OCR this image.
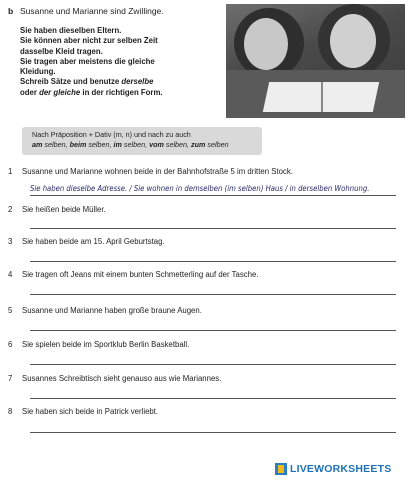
b Susanne und Marianne sind Zwillinge.
Sie haben dieselben Eltern.
Sie können aber nicht zur selben Zeit
dasselbe Kleid tragen.
Sie tragen aber meistens die gleiche
Kleidung.
Schreib Sätze und benutze derselbe
oder der gleiche in der richtigen Form.
Nach Präposition + Dativ (m, n) und nach zu auch
am selben, beim selben, im selben, vom selben, zum selben
1 Susanne und Marianne wohnen beide in der Bahnhofstraße 5 im dritten Stock.
Sie haben dieselbe Adresse. / Sie wohnen in demselben (im selben) Haus / in derselben Wohnung.
2 Sie heißen beide Müller.
3 Sie haben beide am 15. April Geburtstag.
4 Sie tragen oft Jeans mit einem bunten Schmetterling auf der Tasche.
5 Susanne und Marianne haben große braune Augen.
6 Sie spielen beide im Sportklub Berlin Basketball.
7 Susannes Schreibtisch sieht genauso aus wie Mariannes.
8 Sie haben sich beide in Patrick verliebt.
LIVEWORKSHEETS
